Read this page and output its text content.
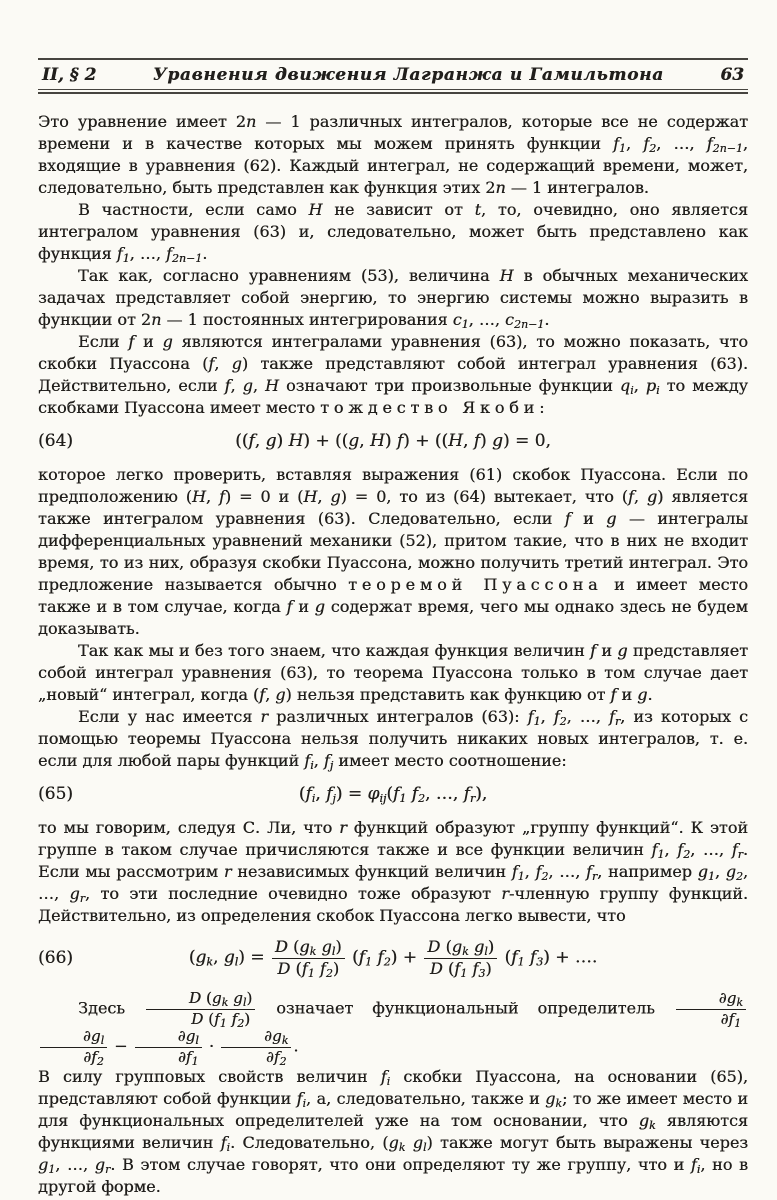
II, § 2	Уравнения движения Лагранжа и Гамильтона	63

Это уравнение имеет 2n — 1 различных интегралов, которые все не содержат времени и в качестве которых мы можем принять функции f1, f2, …, f2n−1, входящие в уравнения (62). Каждый интеграл, не содержащий времени, может, следовательно, быть представлен как функция этих 2n — 1 интегралов.

В частности, если само H не зависит от t, то, очевидно, оно является интегралом уравнения (63) и, следовательно, может быть представлено как функция f1, …, f2n−1.

Так как, согласно уравнениям (53), величина H в обычных механических задачах представляет собой энергию, то энергию системы можно выразить в функции от 2n — 1 постоянных интегрирования c1, …, c2n−1.

Если f и g являются интегралами уравнения (63), то можно показать, что скобки Пуассона (f, g) также представляют собой интеграл уравнения (63). Действительно, если f, g, H означают три произвольные функции qi, pi то между скобками Пуассона имеет место тождество Якоби:

(64)	((f, g) H) + ((g, H) f) + ((H, f) g) = 0,

которое легко проверить, вставляя выражения (61) скобок Пуассона. Если по предположению (H, f) = 0 и (H, g) = 0, то из (64) вытекает, что (f, g) является также интегралом уравнения (63). Следовательно, если f и g — интегралы дифференциальных уравнений механики (52), притом такие, что в них не входит время, то из них, образуя скобки Пуассона, можно получить третий интеграл. Это предложение называется обычно теоремой Пуассона и имеет место также и в том случае, когда f и g содержат время, чего мы однако здесь не будем доказывать.

Так как мы и без того знаем, что каждая функция величин f и g представляет собой интеграл уравнения (63), то теорема Пуассона только в том случае дает „новый“ интеграл, когда (f, g) нельзя представить как функцию от f и g.

Если у нас имеется r различных интегралов (63): f1, f2, …, fr, из которых с помощью теоремы Пуассона нельзя получить никаких новых интегралов, т. е. если для любой пары функций fi, fj имеет место соотношение:

(65)	(fi, fj) = φij(f1 f2, …, fr),

то мы говорим, следуя С. Ли, что r функций образуют „группу функций“. К этой группе в таком случае причисляются также и все функции величин f1, f2, …, fr. Если мы рассмотрим r независимых функций величин f1, f2, …, fr, например g1, g2, …, gr, то эти последние очевидно тоже образуют r-членную группу функций. Действительно, из определения скобок Пуассона легко вывести, что

(66)	(gk, $gl) = \frac{\text{D (gk gl)}}{D (f1 f2)} (f1$ $f2) + \frac{\text{D (gk gl)}}{D (f1 f3)} (f1$ f3) + ….

Здесь $\frac{\text{D (gk gl)}}{D (f1 f2)}$ означает функциональный определитель $\frac{\partial gk}{\partial f1}$

$\frac{\partial gl}{\partial f2} - \frac{\partial gl}{\partial f1} \cdot \frac{\partial gk}{\partial f2}$ .

В силу групповых свойств величин fi скобки Пуассона, на основании (65), представляют собой функции fi, а, следовательно, также и gk; то же имеет место и для функциональных определителей уже на том основании, что gk являются функциями величин fi. Следовательно, (gk gl) также могут быть выражены через g1, …, gr. В этом случае говорят, что они определяют ту же группу, что и fi, но в другой форме.
